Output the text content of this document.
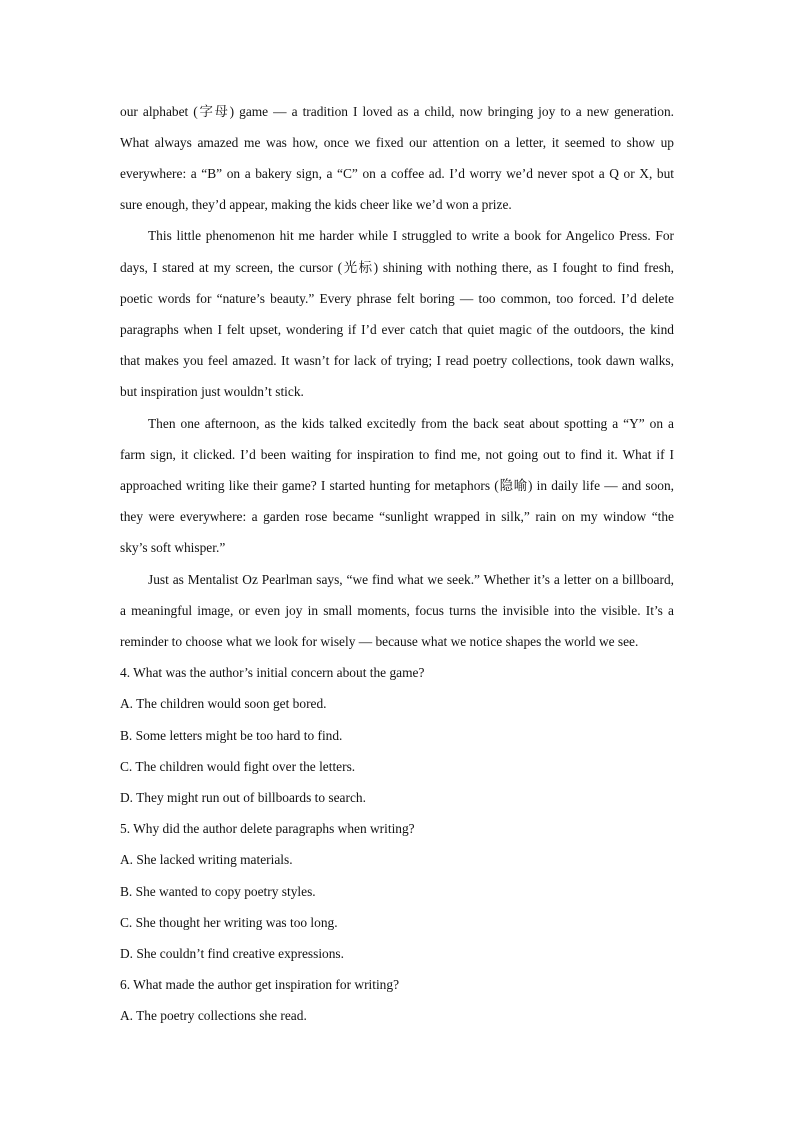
our alphabet (字母) game — a tradition I loved as a child, now bringing joy to a new generation.

What always amazed me was how, once we fixed our attention on a letter, it seemed to show up

everywhere: a “B” on a bakery sign, a “C” on a coffee ad. I’d worry we’d never spot a Q or X, but

sure enough, they’d appear, making the kids cheer like we’d won a prize.

This little phenomenon hit me harder while I struggled to write a book for Angelico Press. For

days, I stared at my screen, the cursor (光标) shining with nothing there, as I fought to find fresh,

poetic words for “nature’s beauty.” Every phrase felt boring — too common, too forced. I’d delete

paragraphs when I felt upset, wondering if I’d ever catch that quiet magic of the outdoors, the kind

that makes you feel amazed. It wasn’t for lack of trying; I read poetry collections, took dawn walks,

but inspiration just wouldn’t stick.

Then one afternoon, as the kids talked excitedly from the back seat about spotting a “Y” on a

farm sign, it clicked. I’d been waiting for inspiration to find me, not going out to find it. What if I

approached writing like their game? I started hunting for metaphors (隐喻) in daily life — and soon,

they were everywhere: a garden rose became “sunlight wrapped in silk,” rain on my window “the

sky’s soft whisper.”

Just as Mentalist Oz Pearlman says, “we find what we seek.” Whether it’s a letter on a billboard,

a meaningful image, or even joy in small moments, focus turns the invisible into the visible. It’s a

reminder to choose what we look for wisely — because what we notice shapes the world we see.

4. What was the author’s initial concern about the game?

A. The children would soon get bored.

B. Some letters might be too hard to find.

C. The children would fight over the letters.

D. They might run out of billboards to search.

5. Why did the author delete paragraphs when writing?

A. She lacked writing materials.

B. She wanted to copy poetry styles.

C. She thought her writing was too long.

D. She couldn’t find creative expressions.

6. What made the author get inspiration for writing?

A. The poetry collections she read.
